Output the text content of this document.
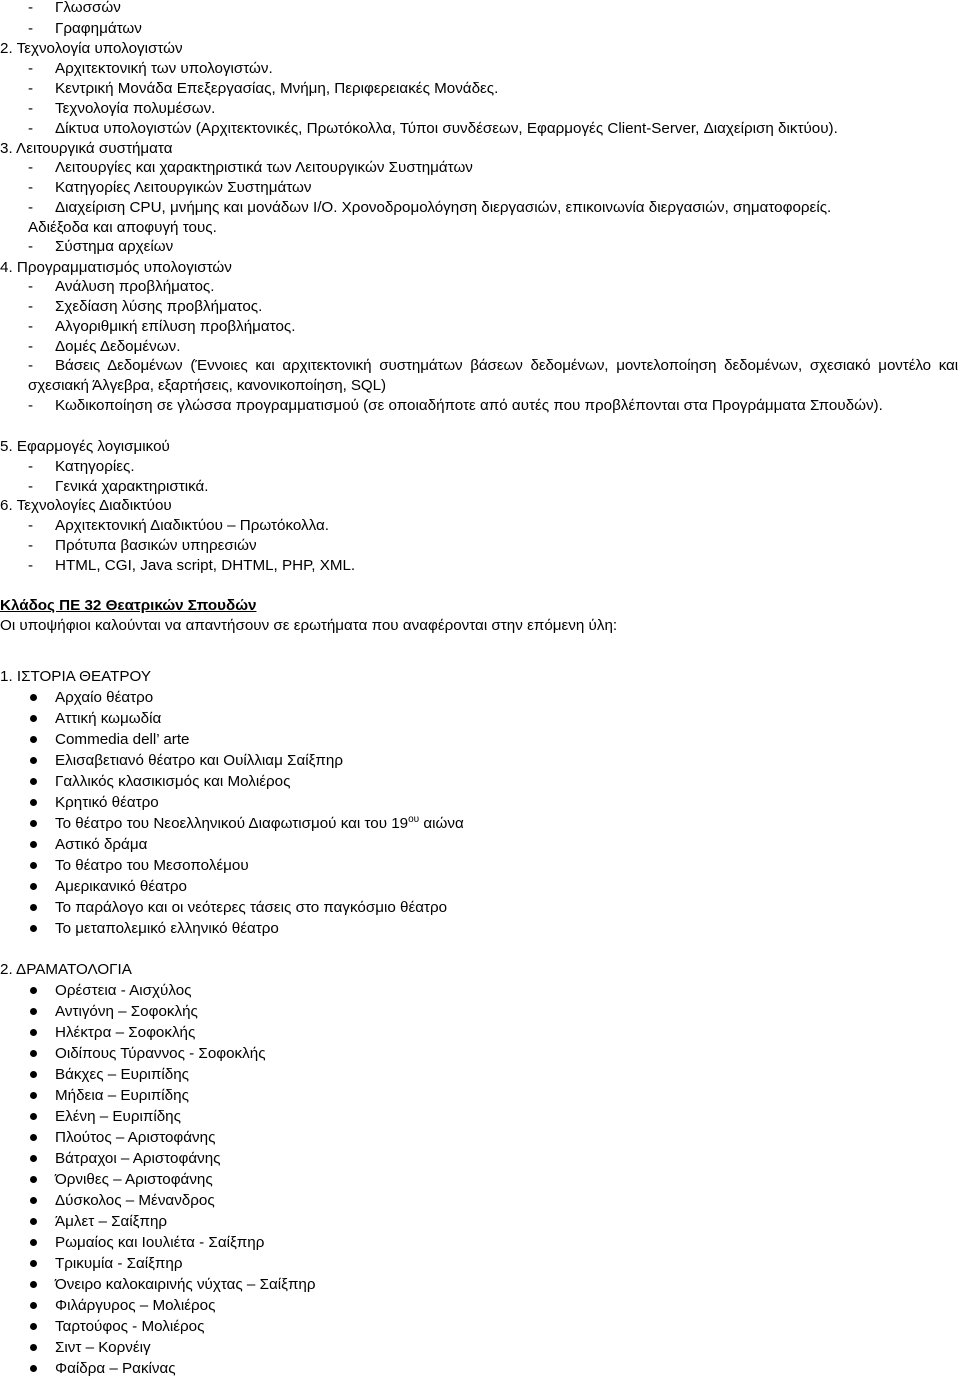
- Γλωσσών
- Γραφημάτων
2. Τεχνολογία υπολογιστών
- Αρχιτεκτονική των υπολογιστών.
- Κεντρική Μονάδα Επεξεργασίας, Μνήμη, Περιφερειακές Μονάδες.
- Τεχνολογία πολυμέσων.
- Δίκτυα υπολογιστών (Αρχιτεκτονικές, Πρωτόκολλα, Τύποι συνδέσεων, Εφαρμογές Client-Server, Διαχείριση δικτύου).
3. Λειτουργικά συστήματα
- Λειτουργίες και χαρακτηριστικά των Λειτουργικών Συστημάτων
- Κατηγορίες Λειτουργικών Συστημάτων
- Διαχείριση CPU, μνήμης και μονάδων I/O. Χρονοδρομολόγηση διεργασιών, επικοινωνία διεργασιών, σηματοφορείς.
Αδιέξοδα και αποφυγή τους.
- Σύστημα αρχείων
4. Προγραμματισμός υπολογιστών
- Ανάλυση προβλήματος.
- Σχεδίαση λύσης προβλήματος.
- Αλγοριθμική επίλυση προβλήματος.
- Δομές Δεδομένων.
-	Βάσεις Δεδομένων (Έννοιες και αρχιτεκτονική συστημάτων βάσεων δεδομένων, μοντελοποίηση δεδομένων, σχεσιακό μοντέλο και σχεσιακή Άλγεβρα, εξαρτήσεις, κανονικοποίηση, SQL)
-	Κωδικοποίηση σε γλώσσα προγραμματισμού (σε οποιαδήποτε από αυτές που προβλέπονται στα Προγράμματα Σπουδών).
5. Εφαρμογές λογισμικού
- Κατηγορίες.
- Γενικά χαρακτηριστικά.
6. Τεχνολογίες Διαδικτύου
- Αρχιτεκτονική Διαδικτύου – Πρωτόκολλα.
- Πρότυπα βασικών υπηρεσιών
- HTML, CGI, Java script, DHTML, PHP, XML.
Κλάδος ΠΕ 32 Θεατρικών Σπουδών
Οι υποψήφιοι καλούνται να απαντήσουν σε ερωτήματα που αναφέρονται στην επόμενη ύλη:
1. ΙΣΤΟΡΙΑ ΘΕΑΤΡΟΥ
Αρχαίο θέατρο
Αττική κωμωδία
Commedia dell’ arte
Ελισαβετιανό θέατρο και Ουίλλιαμ Σαίξπηρ
Γαλλικός κλασικισμός και Μολιέρος
Κρητικό θέατρο
Το θέατρο του Νεοελληνικού Διαφωτισμού και του $19^{o\upsilon}$ αιώνα
Αστικό δράμα
Το θέατρο του Μεσοπολέμου
Αμερικανικό θέατρο
Το παράλογο και οι νεότερες τάσεις στο παγκόσμιο θέατρο
Το μεταπολεμικό ελληνικό θέατρο
2. ΔΡΑΜΑΤΟΛΟΓΙΑ
Ορέστεια - Αισχύλος
Αντιγόνη – Σοφοκλής
Ηλέκτρα – Σοφοκλής
Οιδίπους Τύραννος - Σοφοκλής
Βάκχες – Ευριπίδης
Μήδεια – Ευριπίδης
Ελένη – Ευριπίδης
Πλούτος – Αριστοφάνης
Βάτραχοι – Αριστοφάνης
Όρνιθες – Αριστοφάνης
Δύσκολος – Μένανδρος
Άμλετ – Σαίξπηρ
Ρωμαίος και Ιουλιέτα - Σαίξπηρ
Τρικυμία - Σαίξπηρ
Όνειρο καλοκαιρινής νύχτας – Σαίξπηρ
Φιλάργυρος – Μολιέρος
Ταρτούφος - Μολιέρος
Σιντ – Κορνέιγ
Φαίδρα – Ρακίνας
